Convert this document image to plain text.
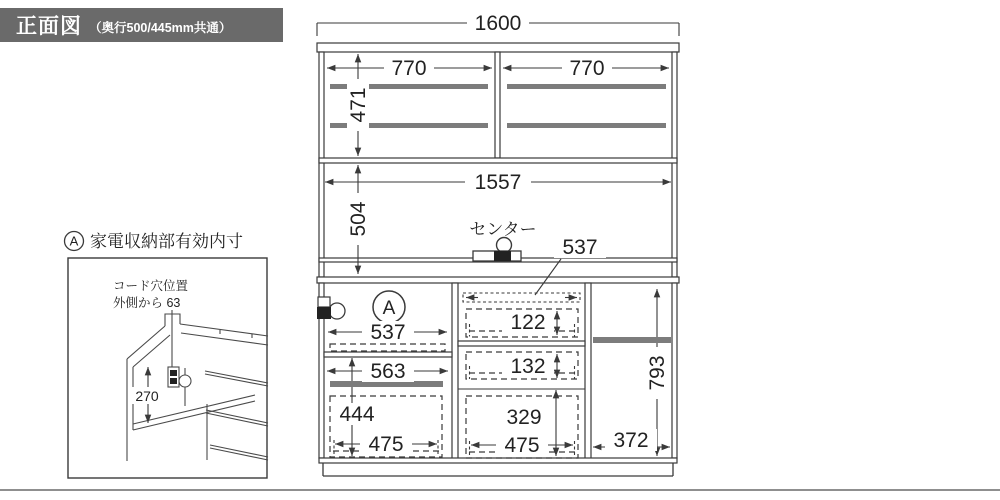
正面図 （奥行500/445mm共通）	1600
770	770
471
1557
504	センター
537
A
537
563
444
475
122
132
329
475
793
372
A 家電収納部有効内寸
コード穴位置
外側から 63
270
